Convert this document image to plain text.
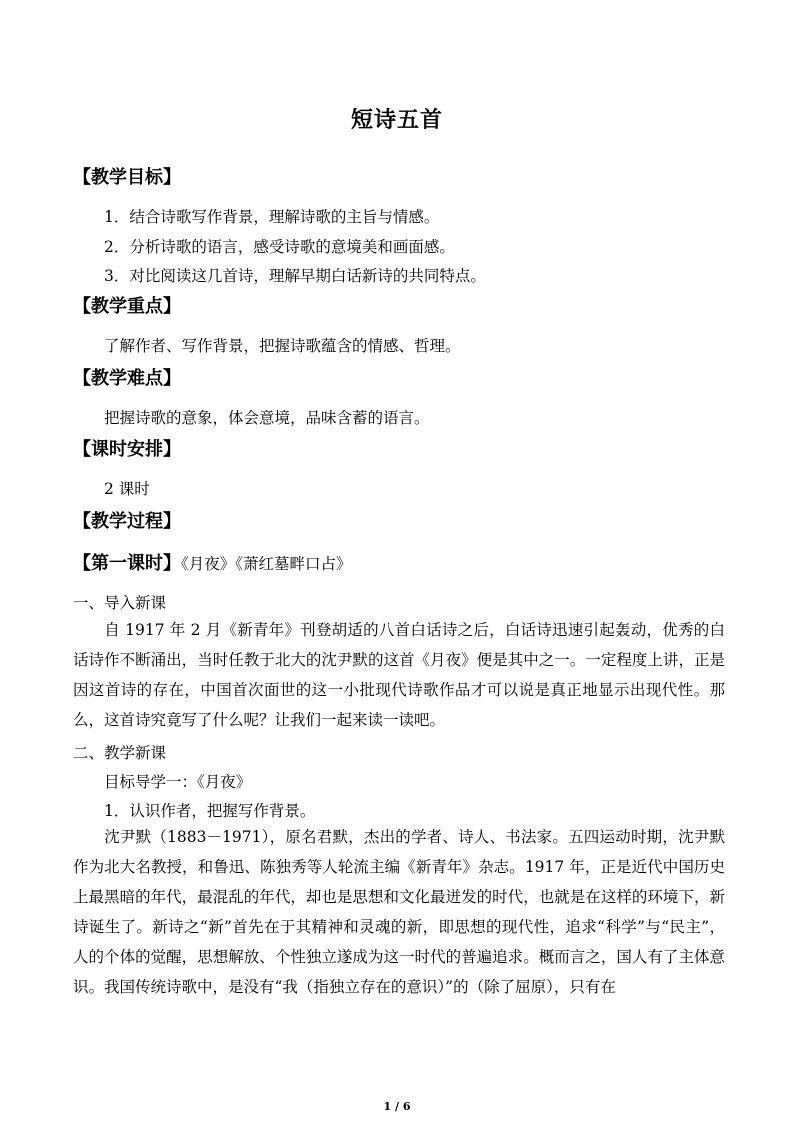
短诗五首
【教学目标】
1．结合诗歌写作背景，理解诗歌的主旨与情感。
2．分析诗歌的语言，感受诗歌的意境美和画面感。
3．对比阅读这几首诗，理解早期白话新诗的共同特点。
【教学重点】
了解作者、写作背景，把握诗歌蕴含的情感、哲理。
【教学难点】
把握诗歌的意象，体会意境，品味含蓄的语言。
【课时安排】
2 课时
【教学过程】
【第一课时】《月夜》《萧红墓畔口占》
一、导入新课
自 1917 年 2 月《新青年》刊登胡适的八首白话诗之后，白话诗迅速引起轰动，优秀的白话诗作不断涌出，当时任教于北大的沈尹默的这首《月夜》便是其中之一。一定程度上讲，正是因这首诗的存在，中国首次面世的这一小批现代诗歌作品才可以说是真正地显示出现代性。那么，这首诗究竟写了什么呢？让我们一起来读一读吧。
二、教学新课
目标导学一：《月夜》
1．认识作者，把握写作背景。
沈尹默（1883－1971），原名君默，杰出的学者、诗人、书法家。五四运动时期，沈尹默作为北大名教授，和鲁迅、陈独秀等人轮流主编《新青年》杂志。1917 年，正是近代中国历史上最黑暗的年代，最混乱的年代，却也是思想和文化最迸发的时代，也就是在这样的环境下，新诗诞生了。新诗之“新”首先在于其精神和灵魂的新，即思想的现代性，追求“科学”与“民主”，人的个体的觉醒，思想解放、个性独立遂成为这一时代的普遍追求。概而言之，国人有了主体意识。我国传统诗歌中，是没有“我（指独立存在的意识）”的（除了屈原），只有在
1 / 6
